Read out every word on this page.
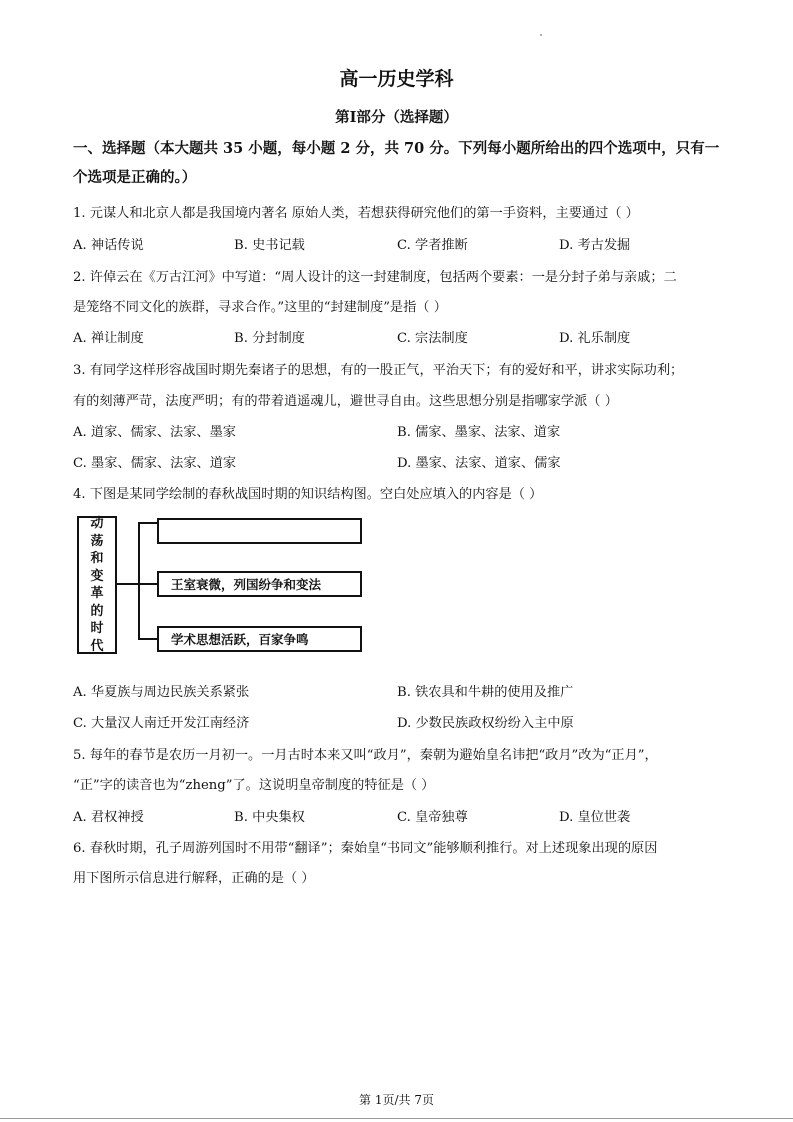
高一历史学科
第Ⅰ部分（选择题）
一、选择题（本大题共 35 小题，每小题 2 分，共 70 分。下列每小题所给出的四个选项中，只有一个选项是正确的。）
1. 元谋人和北京人都是我国境内著名 原始人类，若想获得研究他们的第一手资料，主要通过（ ）
A. 神话传说	B. 史书记载	C. 学者推断	D. 考古发掘
2. 许倬云在《万古江河》中写道：“周人设计的这一封建制度，包括两个要素：一是分封子弟与亲戚；二
是笼络不同文化的族群，寻求合作。”这里的“封建制度”是指（ ）
A. 禅让制度	B. 分封制度	C. 宗法制度	D. 礼乐制度
3. 有同学这样形容战国时期先秦诸子的思想，有的一股正气，平治天下；有的爱好和平，讲求实际功利；
有的刻薄严苛，法度严明；有的带着逍遥魂儿，避世寻自由。这些思想分别是指哪家学派（ ）
A. 道家、儒家、法家、墨家	B. 儒家、墨家、法家、道家
C. 墨家、儒家、法家、道家	D. 墨家、法家、道家、儒家
4. 下图是某同学绘制的春秋战国时期的知识结构图。空白处应填入的内容是（ ）
动
荡
和
变
革
的
时
代
王室衰微，列国纷争和变法
学术思想活跃，百家争鸣
A. 华夏族与周边民族关系紧张	B. 铁农具和牛耕的使用及推广
C. 大量汉人南迁开发江南经济	D. 少数民族政权纷纷入主中原
5. 每年的春节是农历一月初一。一月古时本来又叫“政月”，秦朝为避始皇名讳把“政月”改为“正月”，
“正”字的读音也为“zheng”了。这说明皇帝制度的特征是（ ）
A. 君权神授	B. 中央集权	C. 皇帝独尊	D. 皇位世袭
6. 春秋时期，孔子周游列国时不用带“翻译”；秦始皇“书同文”能够顺利推行。对上述现象出现的原因
用下图所示信息进行解释，正确的是（ ）
第 1页/共 7页
